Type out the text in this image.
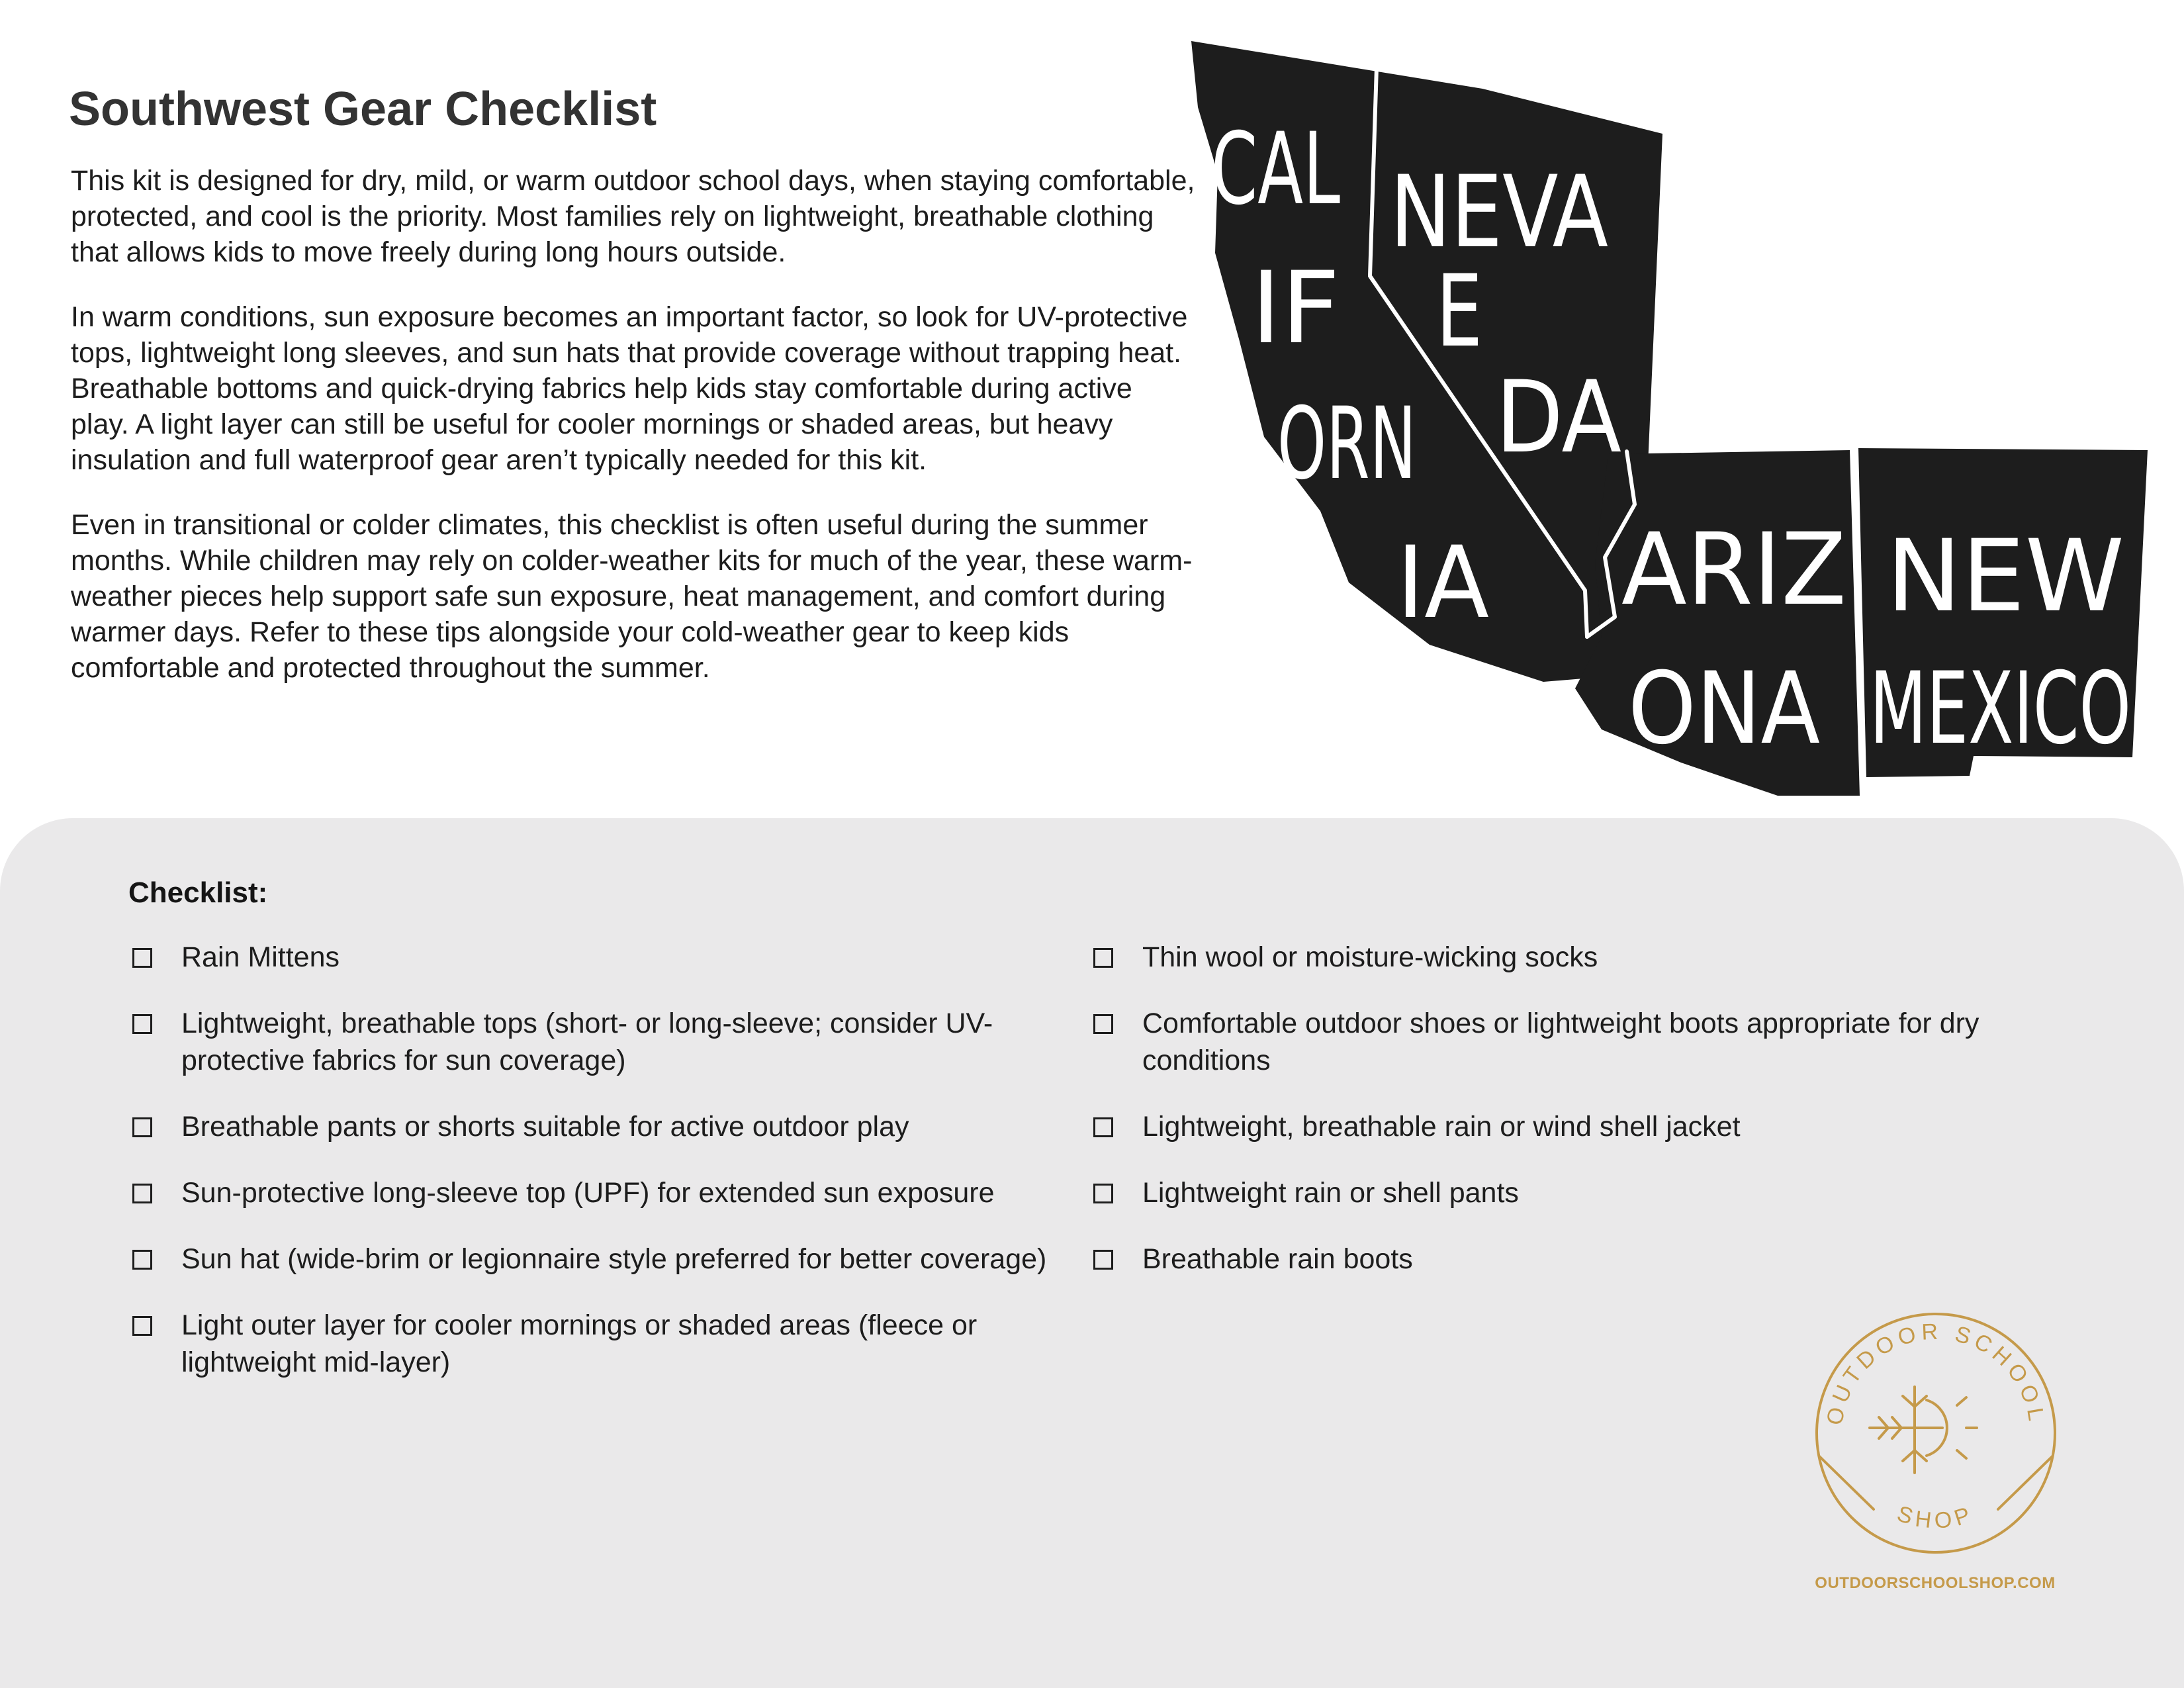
Southwest Gear Checklist

This kit is designed for dry, mild, or warm outdoor school days, when staying comfortable, protected, and cool is the priority. Most families rely on lightweight, breathable clothing that allows kids to move freely during long hours outside.

In warm conditions, sun exposure becomes an important factor, so look for UV-protective tops, lightweight long sleeves, and sun hats that provide coverage without trapping heat. Breathable bottoms and quick-drying fabrics help kids stay comfortable during active play. A light layer can still be useful for cooler mornings or shaded areas, but heavy insulation and full waterproof gear aren’t typically needed for this kit.

Even in transitional or colder climates, this checklist is often useful during the summer months. While children may rely on colder-weather kits for much of the year, these warm-weather pieces help support safe sun exposure, heat management, and comfort during warmer days. Refer to these tips alongside your cold-weather gear to keep kids comfortable and protected throughout the summer.

CAL
IF
ORN
IA
NEVA
DA
E
ARIZ
ONA
NEW
MEXICO
Checklist:
Rain Mittens
Lightweight, breathable tops (short- or long-sleeve; consider UV-protective fabrics for sun coverage)
Breathable pants or shorts suitable for active outdoor play
Sun-protective long-sleeve top (UPF) for extended sun exposure
Sun hat (wide-brim or legionnaire style preferred for better coverage)
Light outer layer for cooler mornings or shaded areas (fleece or lightweight mid-layer)
Thin wool or moisture-wicking socks
Comfortable outdoor shoes or lightweight boots appropriate for dry conditions
Lightweight, breathable rain or wind shell jacket
Lightweight rain or shell pants
Breathable rain boots
OUTDOOR SCHOOL
SHOP
OUTDOORSCHOOLSHOP.COM
